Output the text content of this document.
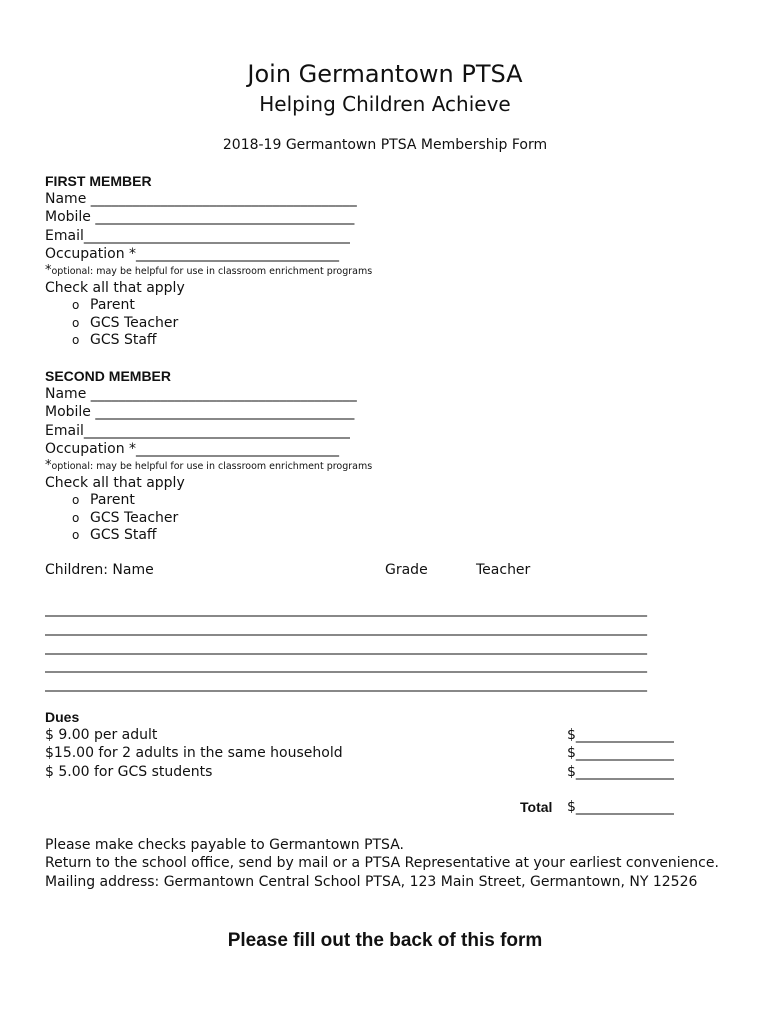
Join Germantown PTSA
Helping Children Achieve
2018-19 Germantown PTSA Membership Form
FIRST MEMBER
Name ______________________________________
Mobile _____________________________________
Email______________________________________
Occupation *_____________________________
*optional: may be helpful for use in classroom enrichment programs
Check all that apply
o Parent
o GCS Teacher
o GCS Staff
SECOND MEMBER
Name ______________________________________
Mobile _____________________________________
Email______________________________________
Occupation *_____________________________
*optional: may be helpful for use in classroom enrichment programs
Check all that apply
o Parent
o GCS Teacher
o GCS Staff
Children: Name	Grade	Teacher
______________________________________________________________________________________
______________________________________________________________________________________
______________________________________________________________________________________
______________________________________________________________________________________
______________________________________________________________________________________
Dues
$ 9.00 per adult	$______________
$15.00 for 2 adults in the same household	$______________
$ 5.00 for GCS students	$______________
Total $______________
Please make checks payable to Germantown PTSA.
Return to the school office, send by mail or a PTSA Representative at your earliest convenience.
Mailing address: Germantown Central School PTSA, 123 Main Street, Germantown, NY 12526
Please fill out the back of this form
